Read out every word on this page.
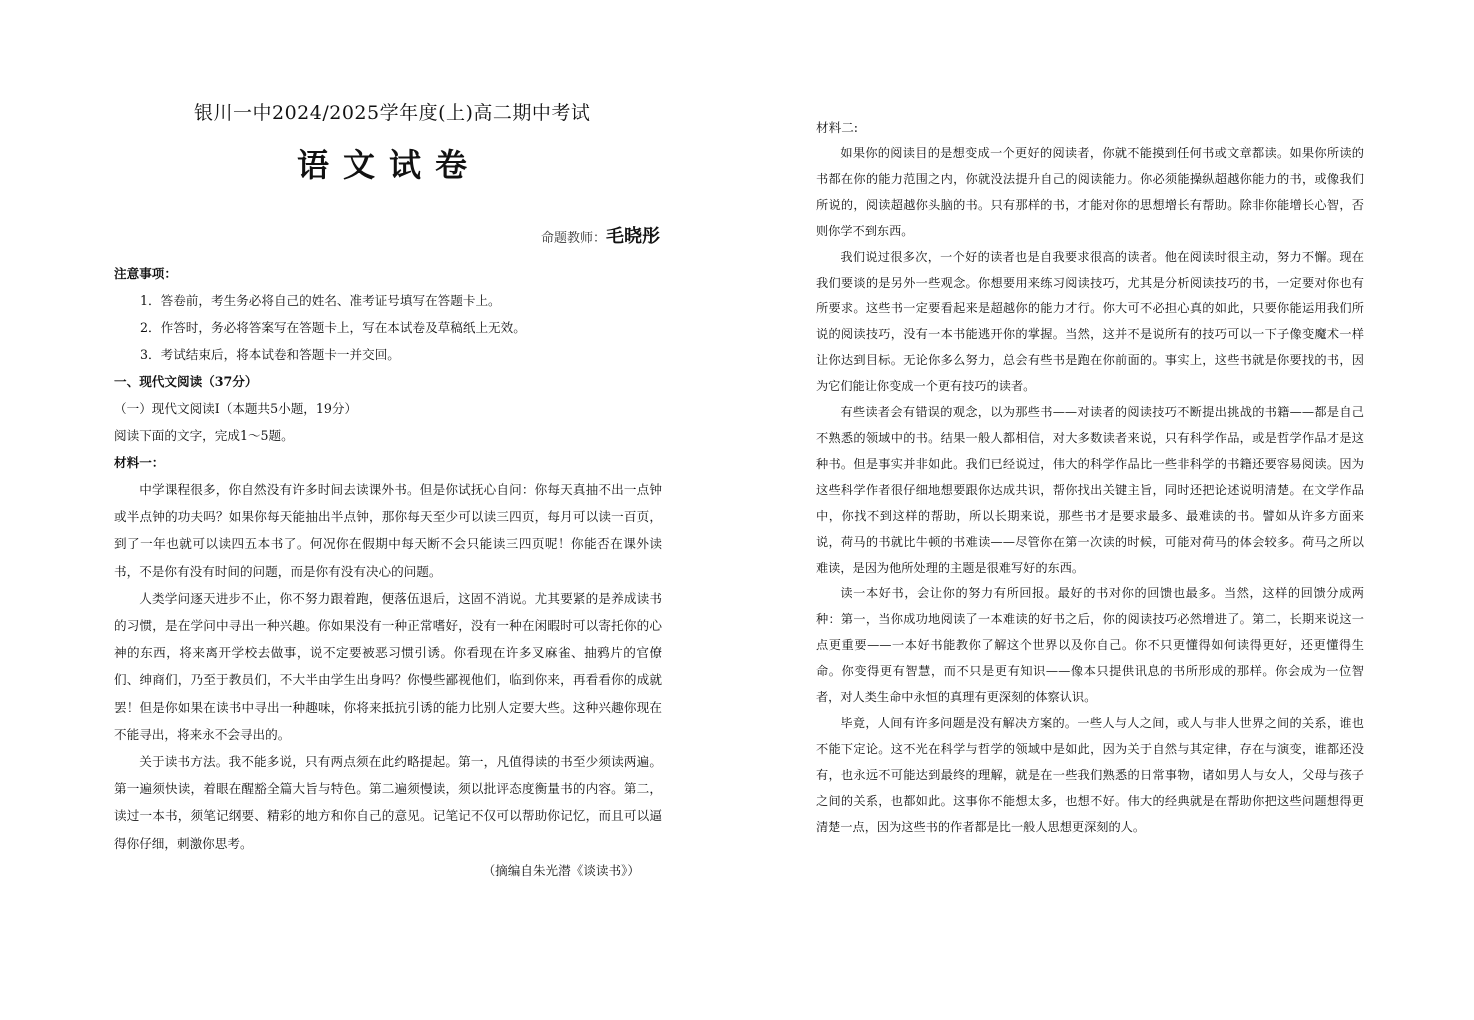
银川一中2024/2025学年度(上)高二期中考试
语文试卷
命题教师：毛晓彤
注意事项：
1．答卷前，考生务必将自己的姓名、准考证号填写在答题卡上。
2．作答时，务必将答案写在答题卡上，写在本试卷及草稿纸上无效。
3．考试结束后，将本试卷和答题卡一并交回。
一、现代文阅读（37分）
（一）现代文阅读Ⅰ（本题共5小题，19分）
阅读下面的文字，完成1～5题。
材料一：

中学课程很多，你自然没有许多时间去读课外书。但是你试抚心自问：你每天真抽不出一点钟或半点钟的功夫吗？如果你每天能抽出半点钟，那你每天至少可以读三四页，每月可以读一百页，到了一年也就可以读四五本书了。何况你在假期中每天断不会只能读三四页呢！你能否在课外读书，不是你有没有时间的问题，而是你有没有决心的问题。

人类学问逐天进步不止，你不努力跟着跑，便落伍退后，这固不消说。尤其要紧的是养成读书的习惯，是在学问中寻出一种兴趣。你如果没有一种正常嗜好，没有一种在闲暇时可以寄托你的心神的东西，将来离开学校去做事，说不定要被恶习惯引诱。你看现在许多叉麻雀、抽鸦片的官僚们、绅商们，乃至于教员们，不大半由学生出身吗？你慢些鄙视他们，临到你来，再看看你的成就罢！但是你如果在读书中寻出一种趣味，你将来抵抗引诱的能力比别人定要大些。这种兴趣你现在不能寻出，将来永不会寻出的。

关于读书方法。我不能多说，只有两点须在此约略提起。第一，凡值得读的书至少须读两遍。第一遍须快读，着眼在醒豁全篇大旨与特色。第二遍须慢读，须以批评态度衡量书的内容。第二，读过一本书，须笔记纲要、精彩的地方和你自己的意见。记笔记不仅可以帮助你记忆，而且可以逼得你仔细，刺激你思考。

（摘编自朱光潜《谈读书》）
材料二:

如果你的阅读目的是想变成一个更好的阅读者，你就不能摸到任何书或文章都读。如果你所读的书都在你的能力范围之内，你就没法提升自己的阅读能力。你必须能操纵超越你能力的书，或像我们所说的，阅读超越你头脑的书。只有那样的书，才能对你的思想增长有帮助。除非你能增长心智，否则你学不到东西。

我们说过很多次，一个好的读者也是自我要求很高的读者。他在阅读时很主动，努力不懈。现在我们要谈的是另外一些观念。你想要用来练习阅读技巧，尤其是分析阅读技巧的书，一定要对你也有所要求。这些书一定要看起来是超越你的能力才行。你大可不必担心真的如此，只要你能运用我们所说的阅读技巧，没有一本书能逃开你的掌握。当然，这并不是说所有的技巧可以一下子像变魔术一样让你达到目标。无论你多么努力，总会有些书是跑在你前面的。事实上，这些书就是你要找的书，因为它们能让你变成一个更有技巧的读者。

有些读者会有错误的观念，以为那些书——对读者的阅读技巧不断提出挑战的书籍——都是自己不熟悉的领域中的书。结果一般人都相信，对大多数读者来说，只有科学作品，或是哲学作品才是这种书。但是事实并非如此。我们已经说过，伟大的科学作品比一些非科学的书籍还要容易阅读。因为这些科学作者很仔细地想要跟你达成共识，帮你找出关键主旨，同时还把论述说明清楚。在文学作品中，你找不到这样的帮助，所以长期来说，那些书才是要求最多、最难读的书。譬如从许多方面来说，荷马的书就比牛顿的书难读——尽管你在第一次读的时候，可能对荷马的体会较多。荷马之所以难读，是因为他所处理的主题是很难写好的东西。

读一本好书，会让你的努力有所回报。最好的书对你的回馈也最多。当然，这样的回馈分成两种：第一，当你成功地阅读了一本难读的好书之后，你的阅读技巧必然增进了。第二，长期来说这一点更重要——一本好书能教你了解这个世界以及你自己。你不只更懂得如何读得更好，还更懂得生命。你变得更有智慧，而不只是更有知识——像本只提供讯息的书所形成的那样。你会成为一位智者，对人类生命中永恒的真理有更深刻的体察认识。

毕竟，人间有许多问题是没有解决方案的。一些人与人之间，或人与非人世界之间的关系，谁也不能下定论。这不光在科学与哲学的领域中是如此，因为关于自然与其定律，存在与演变，谁都还没有，也永远不可能达到最终的理解，就是在一些我们熟悉的日常事物，诸如男人与女人，父母与孩子之间的关系，也都如此。这事你不能想太多，也想不好。伟大的经典就是在帮助你把这些问题想得更清楚一点，因为这些书的作者都是比一般人思想更深刻的人。
